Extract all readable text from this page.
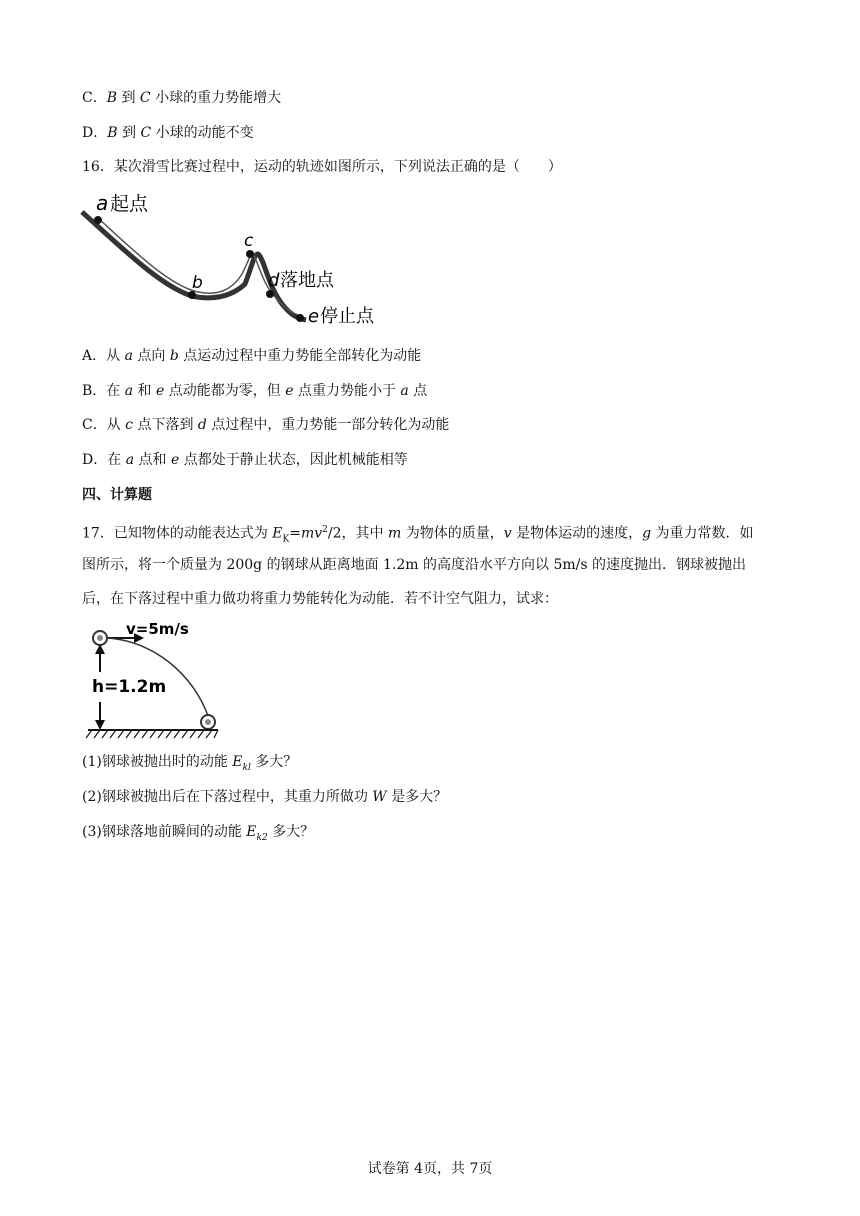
C．B 到 C 小球的重力势能增大
D．B 到 C 小球的动能不变
16．某次滑雪比赛过程中，运动的轨迹如图所示，下列说法正确的是（　　）
a 起点
b
c
d 落地点
e 停止点
A．从 a 点向 b 点运动过程中重力势能全部转化为动能
B．在 a 和 e 点动能都为零，但 e 点重力势能小于 a 点
C．从 c 点下落到 d 点过程中，重力势能一部分转化为动能
D．在 a 点和 e 点都处于静止状态，因此机械能相等
四、计算题
17．已知物体的动能表达式为 $E_K=mv^2/2$，其中 m 为物体的质量，v 是物体运动的速度，g 为重力常数．如
图所示，将一个质量为 200g 的钢球从距离地面 1.2m 的高度沿水平方向以 5m/s 的速度抛出．钢球被抛出
后，在下落过程中重力做功将重力势能转化为动能．若不计空气阻力，试求：
v=5m/s
h=1.2m
(1)钢球被抛出时的动能 $E_{kl}$ 多大？
(2)钢球被抛出后在下落过程中，其重力所做功 W 是多大？
(3)钢球落地前瞬间的动能 $E_{k2}$ 多大？
试卷第 4页，共 7页
